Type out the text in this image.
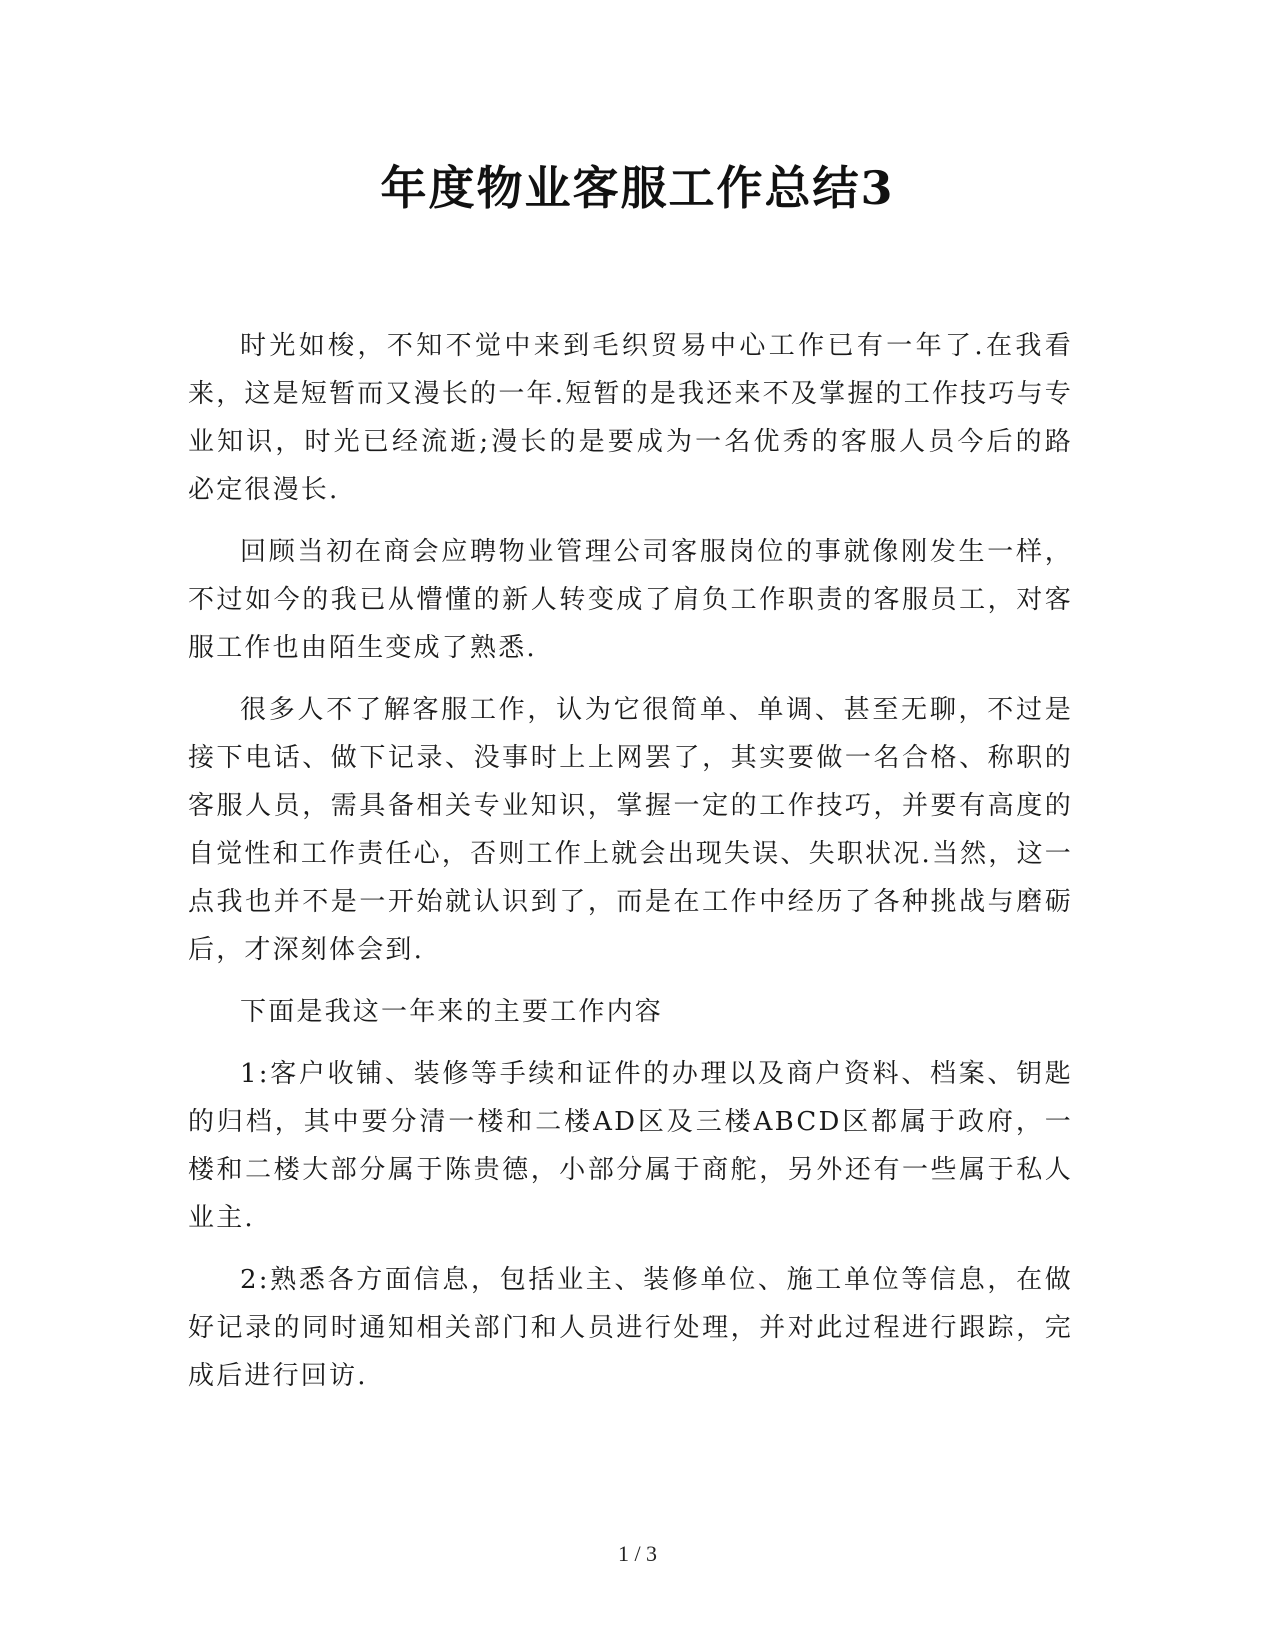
年度物业客服工作总结3

时光如梭，不知不觉中来到毛织贸易中心工作已有一年了.在我看来，这是短暂而又漫长的一年.短暂的是我还来不及掌握的工作技巧与专业知识，时光已经流逝;漫长的是要成为一名优秀的客服人员今后的路必定很漫长.

回顾当初在商会应聘物业管理公司客服岗位的事就像刚发生一样，不过如今的我已从懵懂的新人转变成了肩负工作职责的客服员工，对客服工作也由陌生变成了熟悉.

很多人不了解客服工作，认为它很简单、单调、甚至无聊，不过是接下电话、做下记录、没事时上上网罢了，其实要做一名合格、称职的客服人员，需具备相关专业知识，掌握一定的工作技巧，并要有高度的自觉性和工作责任心，否则工作上就会出现失误、失职状况.当然，这一点我也并不是一开始就认识到了，而是在工作中经历了各种挑战与磨砺后，才深刻体会到.

下面是我这一年来的主要工作内容

1:客户收铺、装修等手续和证件的办理以及商户资料、档案、钥匙的归档，其中要分清一楼和二楼AD区及三楼ABCD区都属于政府，一楼和二楼大部分属于陈贵德，小部分属于商舵，另外还有一些属于私人业主.

2:熟悉各方面信息，包括业主、装修单位、施工单位等信息，在做好记录的同时通知相关部门和人员进行处理，并对此过程进行跟踪，完成后进行回访.

1 / 3
